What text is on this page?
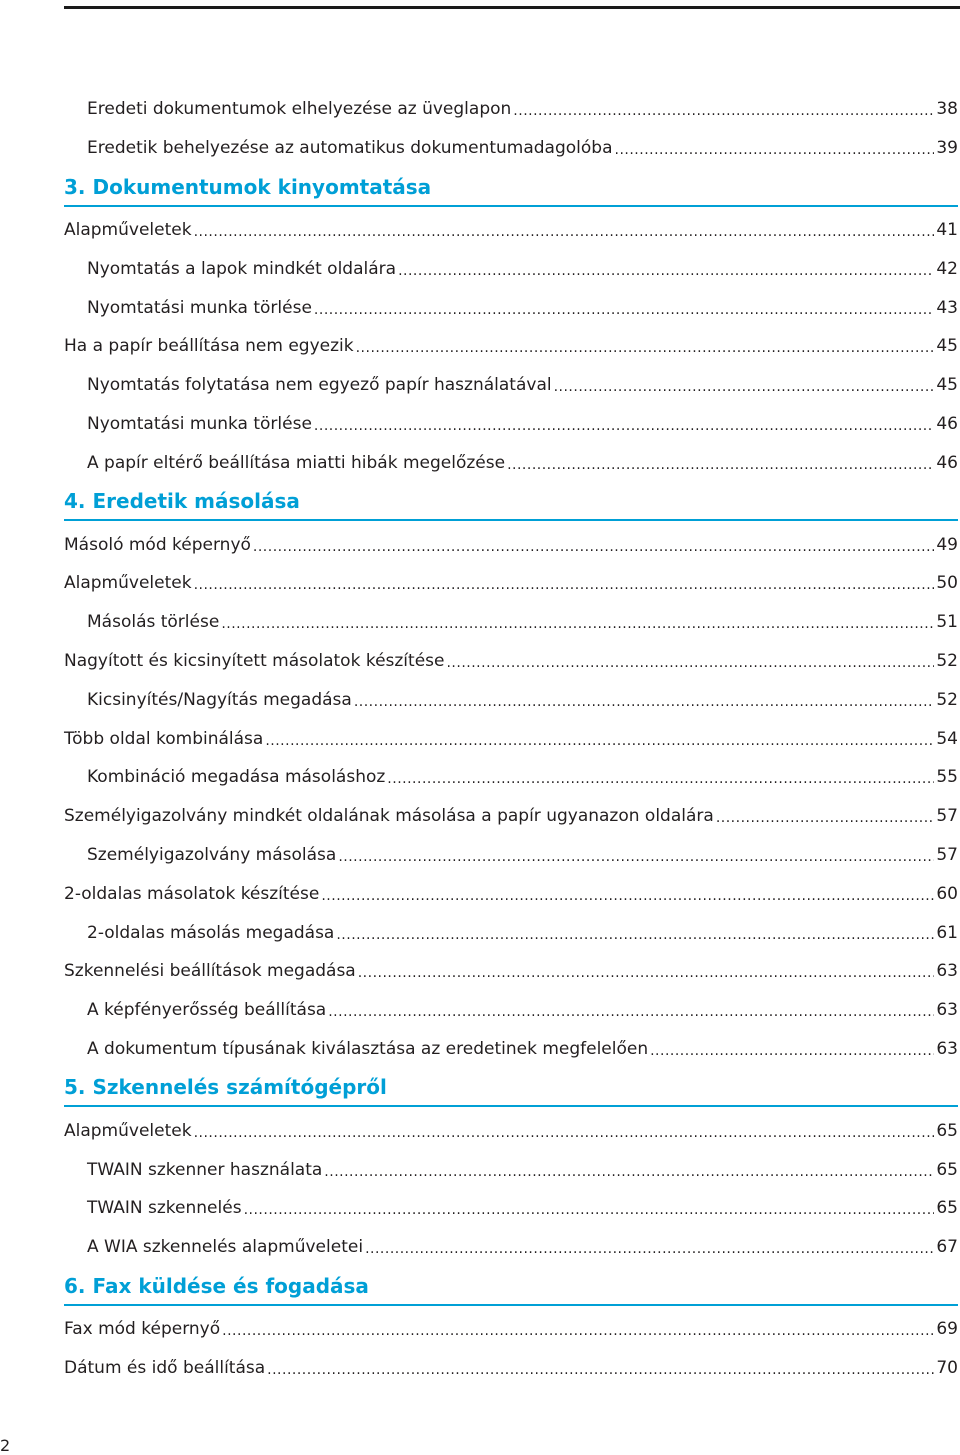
Eredeti dokumentumok elhelyezése az üveglapon .....	38
Eredetik behelyezése az automatikus dokumentumadagolóba .....	39
3. Dokumentumok kinyomtatása
Alapműveletek .....	41
Nyomtatás a lapok mindkét oldalára .....	42
Nyomtatási munka törlése .....	43
Ha a papír beállítása nem egyezik .....	45
Nyomtatás folytatása nem egyező papír használatával .....	45
Nyomtatási munka törlése .....	46
A papír eltérő beállítása miatti hibák megelőzése .....	46
4. Eredetik másolása
Másoló mód képernyő .....	49
Alapműveletek .....	50
Másolás törlése .....	51
Nagyított és kicsinyített másolatok készítése .....	52
Kicsinyítés/Nagyítás megadása .....	52
Több oldal kombinálása .....	54
Kombináció megadása másoláshoz .....	55
Személyigazolvány mindkét oldalának másolása a papír ugyanazon oldalára .....	57
Személyigazolvány másolása .....	57
2-oldalas másolatok készítése .....	60
2-oldalas másolás megadása .....	61
Szkennelési beállítások megadása .....	63
A képfényerősség beállítása .....	63
A dokumentum típusának kiválasztása az eredetinek megfelelően .....	63
5. Szkennelés számítógépről
Alapműveletek .....	65
TWAIN szkenner használata .....	65
TWAIN szkennelés .....	65
A WIA szkennelés alapműveletei .....	67
6. Fax küldése és fogadása
Fax mód képernyő .....	69
Dátum és idő beállítása .....	70
2
